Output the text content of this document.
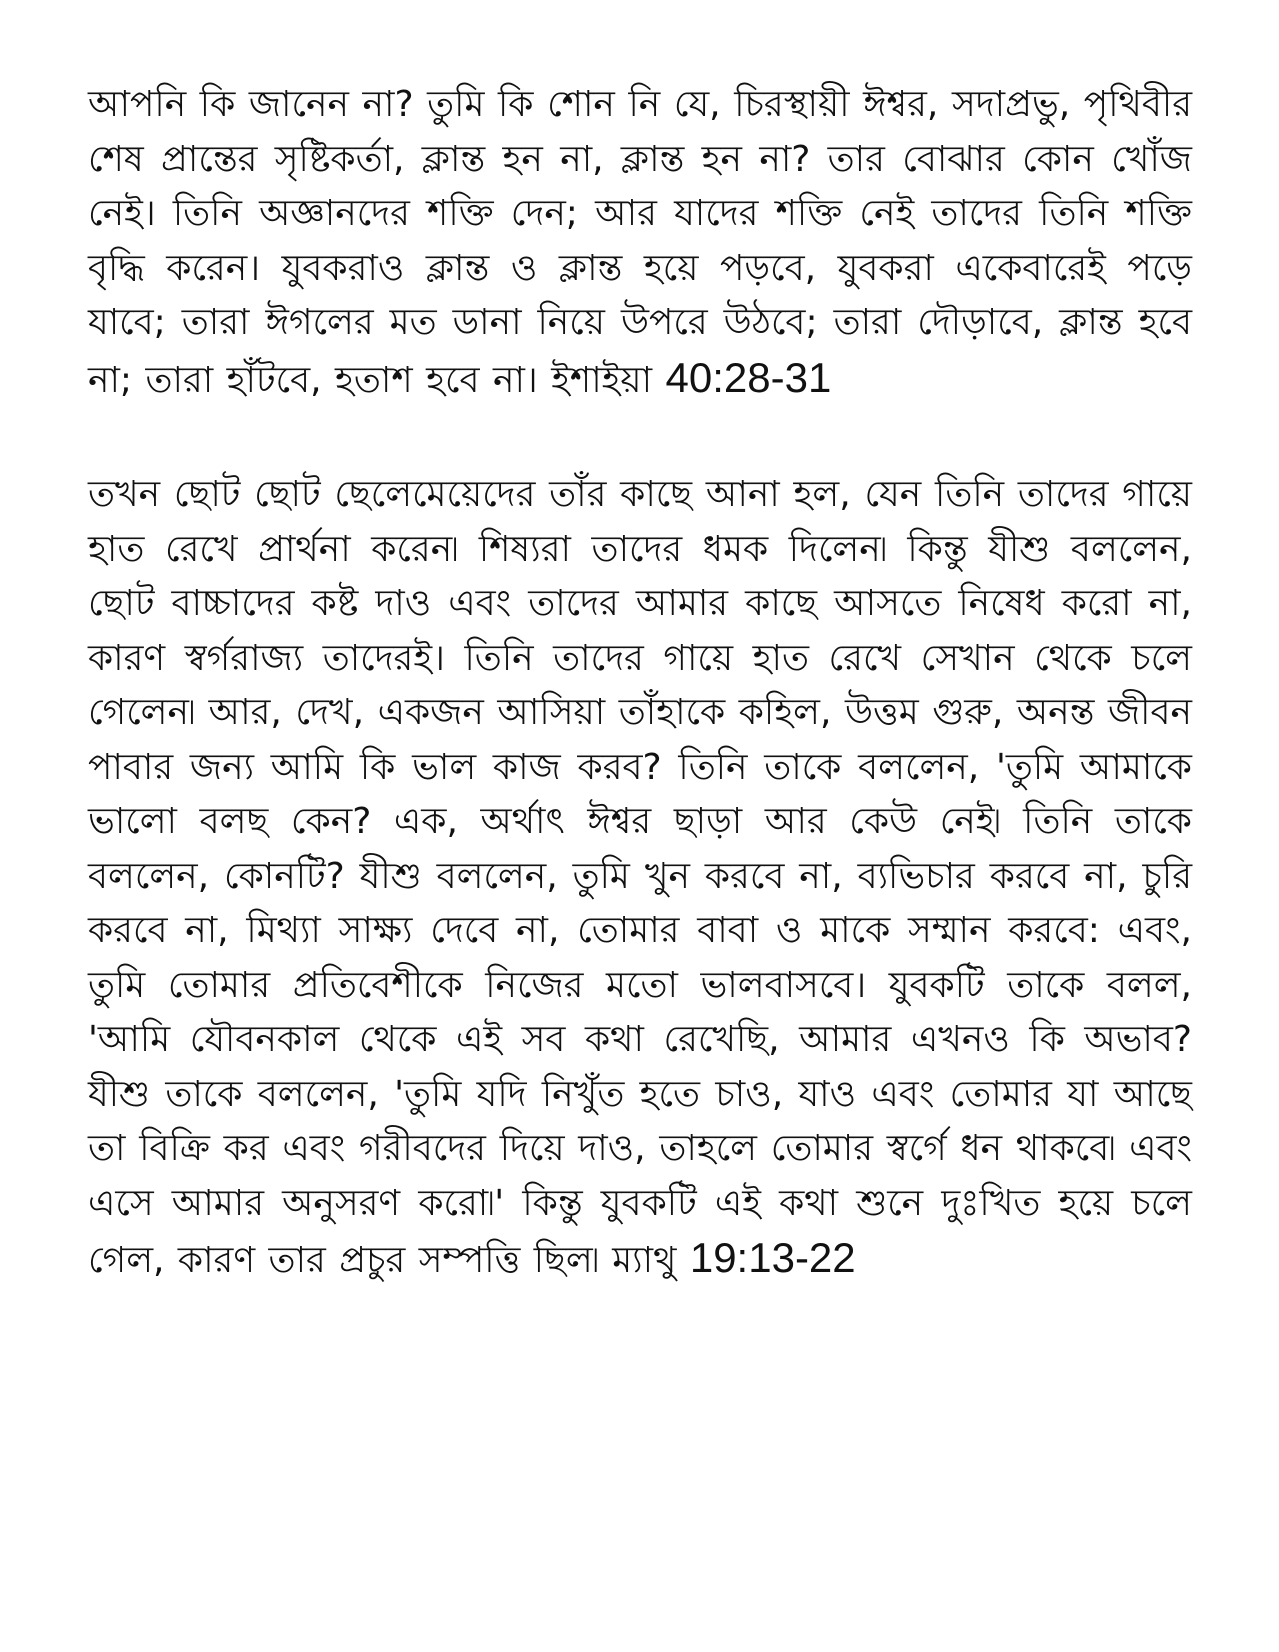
আপনি কি জানেন না? তুমি কি শোন নি যে, চিরস্থায়ী ঈশ্বর, সদাপ্রভু, পৃথিবীর শেষ প্রান্তের সৃষ্টিকর্তা, ক্লান্ত হন না, ক্লান্ত হন না? তার বোঝার কোন খোঁজ নেই। তিনি অজ্ঞানদের শক্তি দেন; আর যাদের শক্তি নেই তাদের তিনি শক্তি বৃদ্ধি করেন। যুবকরাও ক্লান্ত ও ক্লান্ত হয়ে পড়বে, যুবকরা একেবারেই পড়ে যাবে; তারা ঈগলের মত ডানা নিয়ে উপরে উঠবে; তারা দৌড়াবে, ক্লান্ত হবে না; তারা হাঁটবে, হতাশ হবে না। ইশাইয়া 40:28-31

তখন ছোট ছোট ছেলেমেয়েদের তাঁর কাছে আনা হল, যেন তিনি তাদের গায়ে হাত রেখে প্রার্থনা করেন৷ শিষ্যরা তাদের ধমক দিলেন৷ কিন্তু যীশু বললেন, ছোট বাচ্চাদের কষ্ট দাও এবং তাদের আমার কাছে আসতে নিষেধ করো না, কারণ স্বর্গরাজ্য তাদেরই। তিনি তাদের গায়ে হাত রেখে সেখান থেকে চলে গেলেন৷ আর, দেখ, একজন আসিয়া তাঁহাকে কহিল, উত্তম গুরু, অনন্ত জীবন পাবার জন্য আমি কি ভাল কাজ করব? তিনি তাকে বললেন, 'তুমি আমাকে ভালো বলছ কেন? এক, অর্থাৎ ঈশ্বর ছাড়া আর কেউ নেই৷ তিনি তাকে বললেন, কোনটি? যীশু বললেন, তুমি খুন করবে না, ব্যভিচার করবে না, চুরি করবে না, মিথ্যা সাক্ষ্য দেবে না, তোমার বাবা ও মাকে সম্মান করবে: এবং, তুমি তোমার প্রতিবেশীকে নিজের মতো ভালবাসবে। যুবকটি তাকে বলল, 'আমি যৌবনকাল থেকে এই সব কথা রেখেছি, আমার এখনও কি অভাব? যীশু তাকে বললেন, 'তুমি যদি নিখুঁত হতে চাও, যাও এবং তোমার যা আছে তা বিক্রি কর এবং গরীবদের দিয়ে দাও, তাহলে তোমার স্বর্গে ধন থাকবে৷ এবং এসে আমার অনুসরণ করো৷' কিন্তু যুবকটি এই কথা শুনে দুঃখিত হয়ে চলে গেল, কারণ তার প্রচুর সম্পত্তি ছিল৷ ম্যাথু 19:13-22
